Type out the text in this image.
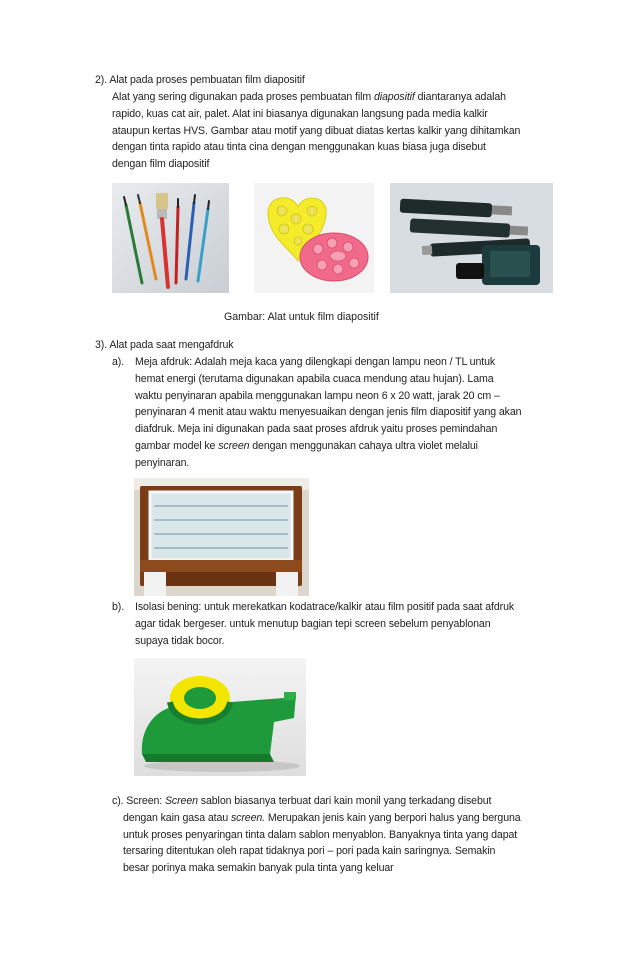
2). Alat pada proses pembuatan film diapositif
Alat yang sering digunakan pada proses pembuatan film diapositif diantaranya adalah
rapido, kuas cat air, palet. Alat ini biasanya digunakan langsung pada media kalkir
ataupun kertas HVS. Gambar atau motif yang dibuat diatas kertas kalkir yang dihitamkan
dengan tinta rapido atau tinta cina dengan menggunakan kuas biasa juga disebut
dengan film diapositif
Gambar: Alat untuk film diapositif
3). Alat pada saat mengafdruk
a). Meja afdruk: Adalah meja kaca yang dilengkapi dengan lampu neon / TL untuk
hemat energi (terutama digunakan apabila cuaca mendung atau hujan). Lama
waktu penyinaran apabila menggunakan lampu neon 6 x 20 watt, jarak 20 cm –
penyinaran 4 menit atau waktu menyesuaikan dengan jenis film diapositif yang akan
diafdruk. Meja ini digunakan pada saat proses afdruk yaitu proses pemindahan
gambar model ke screen dengan menggunakan cahaya ultra violet melalui
penyinaran.
b). Isolasi bening: untuk merekatkan kodatrace/kalkir atau film positif pada saat afdruk
agar tidak bergeser. untuk menutup bagian tepi screen sebelum penyablonan
supaya tidak bocor.
c). Screen: Screen sablon biasanya terbuat dari kain monil yang terkadang disebut
dengan kain gasa atau screen. Merupakan jenis kain yang berpori halus yang berguna
untuk proses penyaringan tinta dalam sablon menyablon. Banyaknya tinta yang dapat
tersaring ditentukan oleh rapat tidaknya pori – pori pada kain saringnya. Semakin
besar porinya maka semakin banyak pula tinta yang keluar
